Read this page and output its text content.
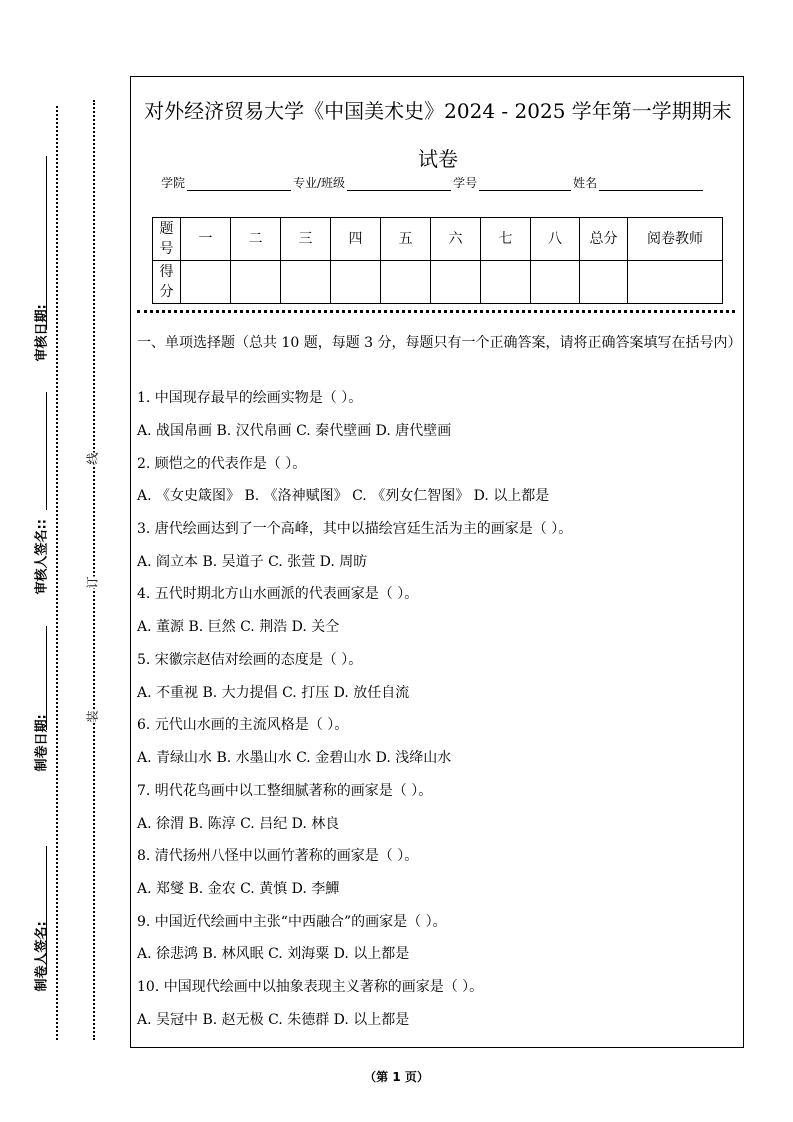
审核日期:
审核人签名::
制卷日期:
制卷人签名:
线
订
装
对外经济贸易大学《中国美术史》2024 - 2025 学年第一学期期末
试卷
学院	专业/班级	学号	姓名
题号	一	二	三	四	五	六	七	八	总分	阅卷教师
得分										
一、单项选择题（总共 10 题，每题 3 分，每题只有一个正确答案，请将正确答案填写在括号内）
1. 中国现存最早的绘画实物是（ ）。
A. 战国帛画 B. 汉代帛画 C. 秦代壁画 D. 唐代壁画
2. 顾恺之的代表作是（ ）。
A. 《女史箴图》 B. 《洛神赋图》 C. 《列女仁智图》 D. 以上都是
3. 唐代绘画达到了一个高峰，其中以描绘宫廷生活为主的画家是（ ）。
A. 阎立本 B. 吴道子 C. 张萱 D. 周昉
4. 五代时期北方山水画派的代表画家是（ ）。
A. 董源 B. 巨然 C. 荆浩 D. 关仝
5. 宋徽宗赵佶对绘画的态度是（ ）。
A. 不重视 B. 大力提倡 C. 打压 D. 放任自流
6. 元代山水画的主流风格是（ ）。
A. 青绿山水 B. 水墨山水 C. 金碧山水 D. 浅绛山水
7. 明代花鸟画中以工整细腻著称的画家是（ ）。
A. 徐渭 B. 陈淳 C. 吕纪 D. 林良
8. 清代扬州八怪中以画竹著称的画家是（ ）。
A. 郑燮 B. 金农 C. 黄慎 D. 李鱓
9. 中国近代绘画中主张“中西融合”的画家是（ ）。
A. 徐悲鸿 B. 林风眠 C. 刘海粟 D. 以上都是
10. 中国现代绘画中以抽象表现主义著称的画家是（ ）。
A. 吴冠中 B. 赵无极 C. 朱德群 D. 以上都是
（第 1 页）
